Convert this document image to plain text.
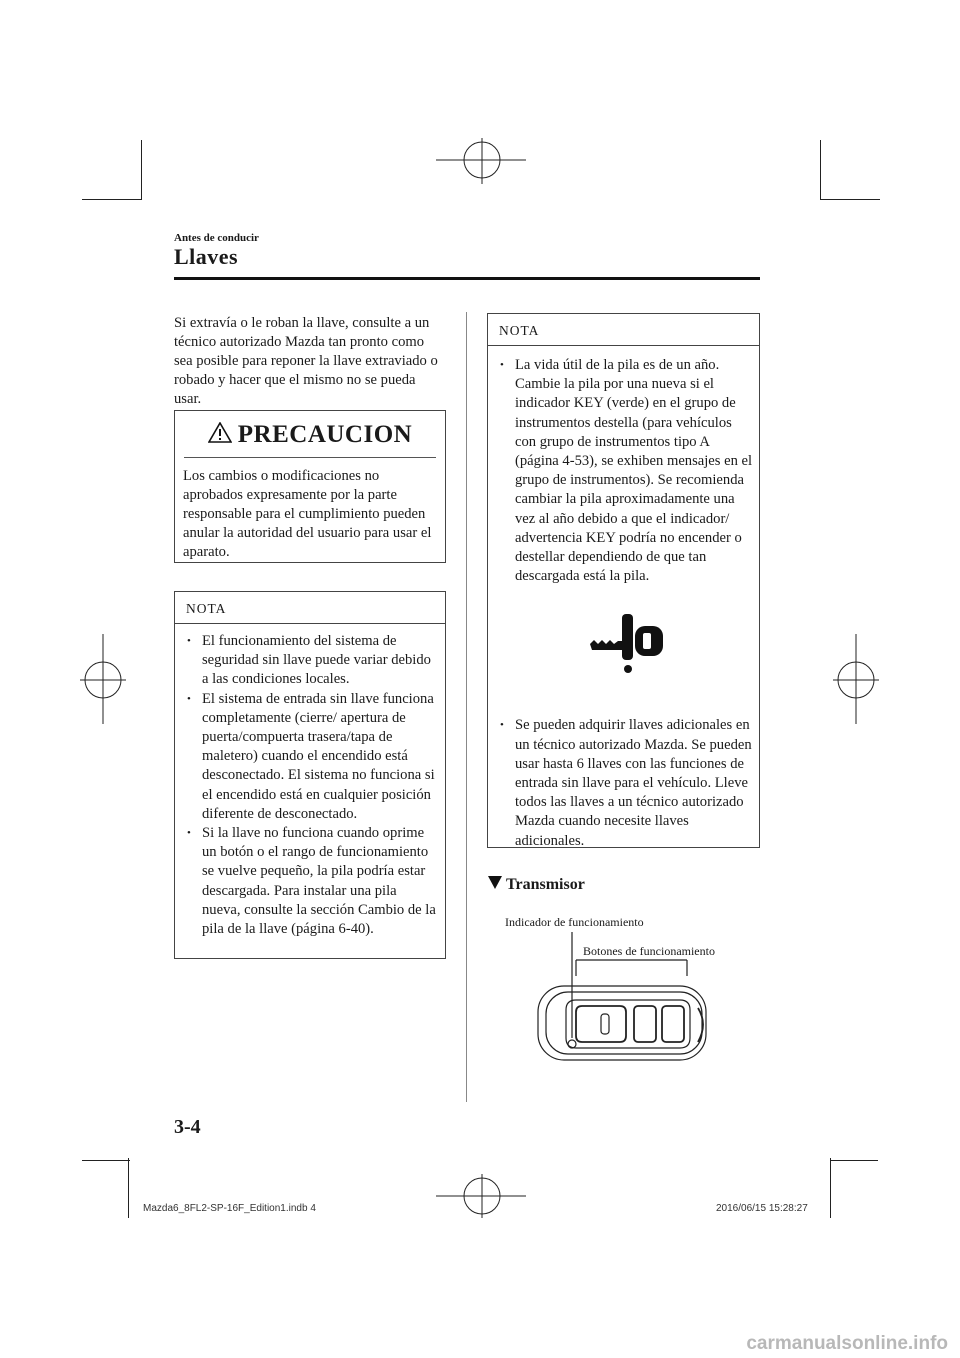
Antes de conducir
Llaves
Si extravía o le roban la llave, consulte a un técnico autorizado Mazda tan pronto como sea posible para reponer la llave extraviado o robado y hacer que el mismo no se pueda usar.
PRECAUCION
Los cambios o modificaciones no aprobados expresamente por la parte responsable para el cumplimiento pueden anular la autoridad del usuario para usar el aparato.
NOTA
• El funcionamiento del sistema de seguridad sin llave puede variar debido a las condiciones locales.
• El sistema de entrada sin llave funciona completamente (cierre/ apertura de puerta/compuerta trasera/tapa de maletero) cuando el encendido está desconectado. El sistema no funciona si el encendido está en cualquier posición diferente de desconectado.
• Si la llave no funciona cuando oprime un botón o el rango de funcionamiento se vuelve pequeño, la pila podría estar descargada. Para instalar una pila nueva, consulte la sección Cambio de la pila de la llave (página 6-40).
NOTA
• La vida útil de la pila es de un año. Cambie la pila por una nueva si el indicador KEY (verde) en el grupo de instrumentos destella (para vehículos con grupo de instrumentos tipo A (página 4-53), se exhiben mensajes en el grupo de instrumentos). Se recomienda cambiar la pila aproximadamente una vez al año debido a que el indicador/ advertencia KEY podría no encender o destellar dependiendo de que tan descargada está la pila.
• Se pueden adquirir llaves adicionales en un técnico autorizado Mazda. Se pueden usar hasta 6 llaves con las funciones de entrada sin llave para el vehículo. Lleve todos las llaves a un técnico autorizado Mazda cuando necesite llaves adicionales.
Transmisor
Indicador de funcionamiento
Botones de funcionamiento
3-4
Mazda6_8FL2-SP-16F_Edition1.indb 4	2016/06/15 15:28:27
carmanualsonline.info
